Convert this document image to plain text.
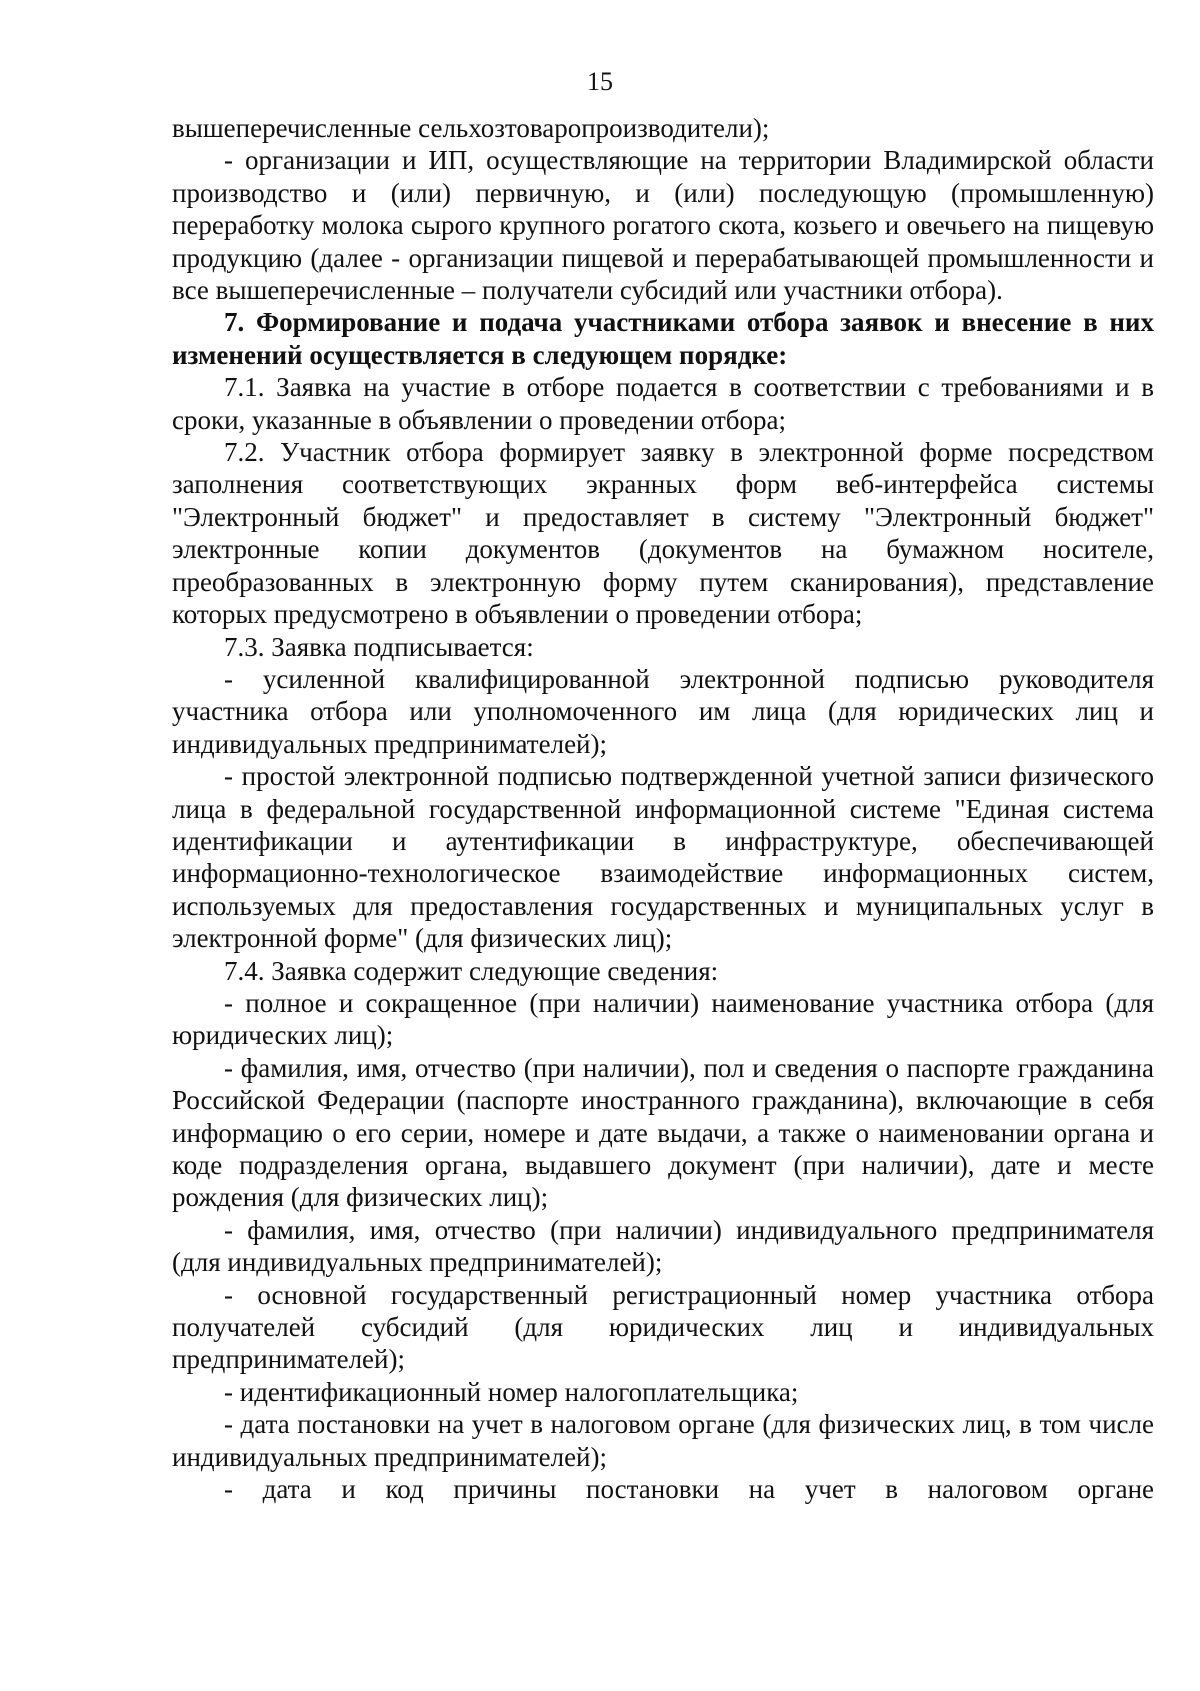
15

вышеперечисленные сельхозтоваропроизводители);

- организации и ИП, осуществляющие на территории Владимирской области производство и (или) первичную, и (или) последующую (промышленную) переработку молока сырого крупного рогатого скота, козьего и овечьего на пищевую продукцию (далее - организации пищевой и перерабатывающей промышленности и все вышеперечисленные – получатели субсидий или участники отбора).

7. Формирование и подача участниками отбора заявок и внесение в них изменений осуществляется в следующем порядке:

7.1. Заявка на участие в отборе подается в соответствии с требованиями и в сроки, указанные в объявлении о проведении отбора;

7.2. Участник отбора формирует заявку в электронной форме посредством заполнения соответствующих экранных форм веб-интерфейса системы "Электронный бюджет" и предоставляет в систему "Электронный бюджет" электронные копии документов (документов на бумажном носителе, преобразованных в электронную форму путем сканирования), представление которых предусмотрено в объявлении о проведении отбора;

7.3. Заявка подписывается:

- усиленной квалифицированной электронной подписью руководителя участника отбора или уполномоченного им лица (для юридических лиц и индивидуальных предпринимателей);

- простой электронной подписью подтвержденной учетной записи физического лица в федеральной государственной информационной системе "Единая система идентификации и аутентификации в инфраструктуре, обеспечивающей информационно-технологическое взаимодействие информационных систем, используемых для предоставления государственных и муниципальных услуг в электронной форме" (для физических лиц);

7.4. Заявка содержит следующие сведения:

- полное и сокращенное (при наличии) наименование участника отбора (для юридических лиц);

- фамилия, имя, отчество (при наличии), пол и сведения о паспорте гражданина Российской Федерации (паспорте иностранного гражданина), включающие в себя информацию о его серии, номере и дате выдачи, а также о наименовании органа и коде подразделения органа, выдавшего документ (при наличии), дате и месте рождения (для физических лиц);

- фамилия, имя, отчество (при наличии) индивидуального предпринимателя (для индивидуальных предпринимателей);

- основной государственный регистрационный номер участника отбора получателей субсидий (для юридических лиц и индивидуальных предпринимателей);

- идентификационный номер налогоплательщика;

- дата постановки на учет в налоговом органе (для физических лиц, в том числе индивидуальных предпринимателей);

- дата и код причины постановки на учет в налоговом органе
